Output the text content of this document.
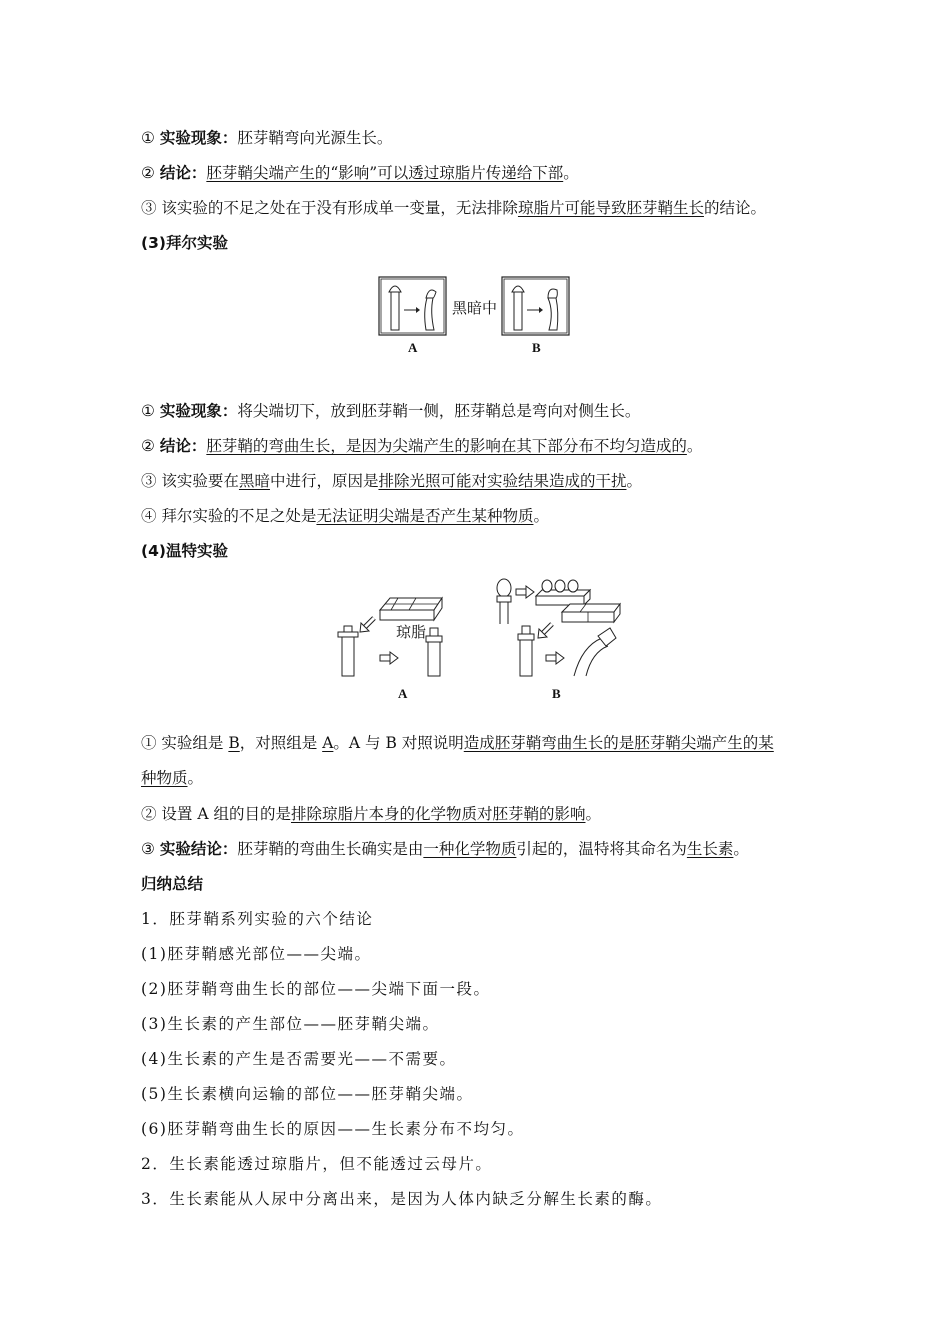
① 实验现象：胚芽鞘弯向光源生长。
② 结论：胚芽鞘尖端产生的“影响”可以透过琼脂片传递给下部。
③ 该实验的不足之处在于没有形成单一变量，无法排除琼脂片可能导致胚芽鞘生长的结论。
(3)拜尔实验
黑暗中
A	B
① 实验现象：将尖端切下，放到胚芽鞘一侧，胚芽鞘总是弯向对侧生长。
② 结论：胚芽鞘的弯曲生长，是因为尖端产生的影响在其下部分布不均匀造成的。
③ 该实验要在黑暗中进行，原因是排除光照可能对实验结果造成的干扰。
④ 拜尔实验的不足之处是无法证明尖端是否产生某种物质。
(4)温特实验
琼脂
A	B
① 实验组是 B，对照组是 A。A 与 B 对照说明造成胚芽鞘弯曲生长的是胚芽鞘尖端产生的某
种物质。
② 设置 A 组的目的是排除琼脂片本身的化学物质对胚芽鞘的影响。
③ 实验结论：胚芽鞘的弯曲生长确实是由一种化学物质引起的，温特将其命名为生长素。
归纳总结
1．胚芽鞘系列实验的六个结论
(1)胚芽鞘感光部位——尖端。
(2)胚芽鞘弯曲生长的部位——尖端下面一段。
(3)生长素的产生部位——胚芽鞘尖端。
(4)生长素的产生是否需要光——不需要。
(5)生长素横向运输的部位——胚芽鞘尖端。
(6)胚芽鞘弯曲生长的原因——生长素分布不均匀。
2．生长素能透过琼脂片，但不能透过云母片。
3．生长素能从人尿中分离出来，是因为人体内缺乏分解生长素的酶。
